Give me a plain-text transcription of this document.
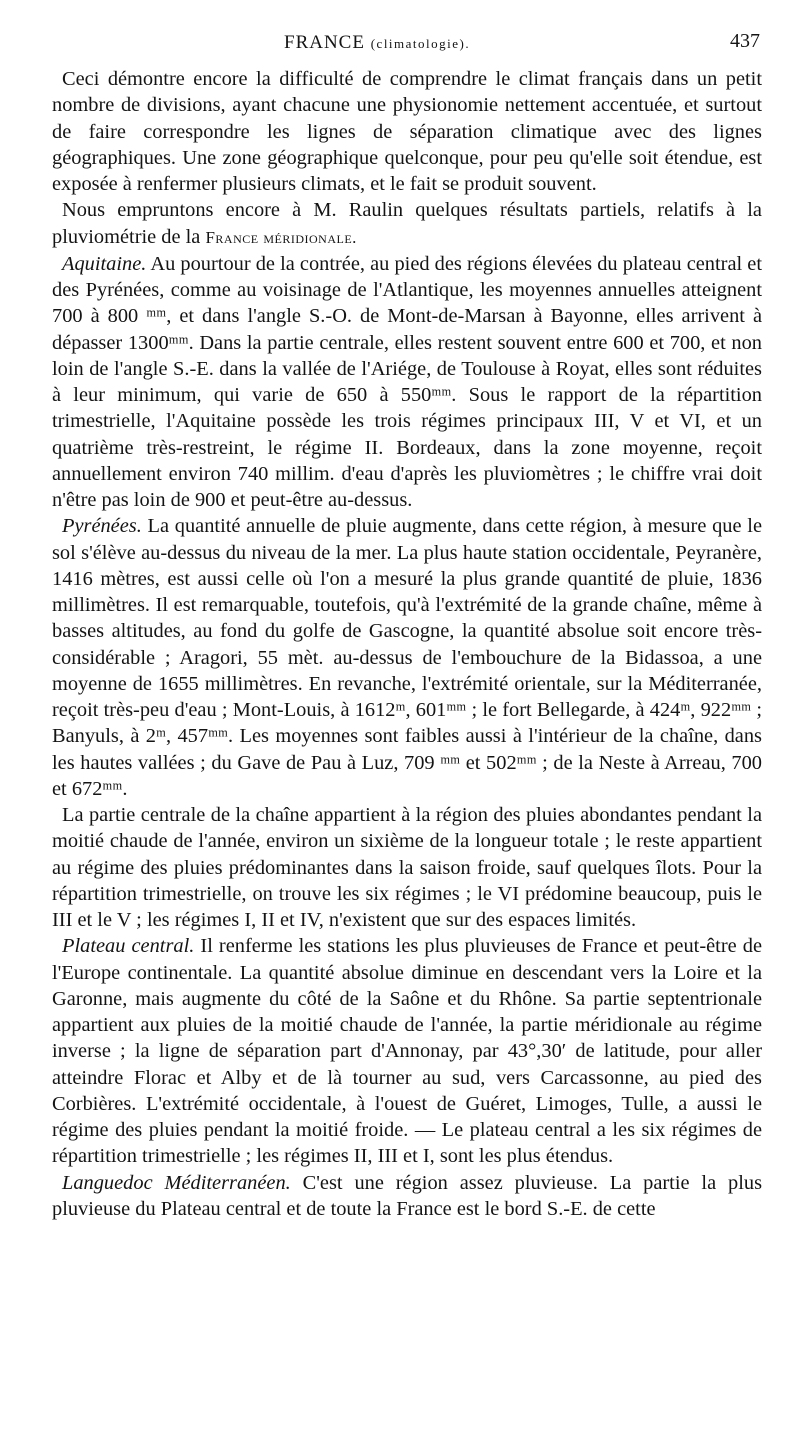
FRANCE (climatologie).	437

Ceci démontre encore la difficulté de comprendre le climat français dans un petit nombre de divisions, ayant chacune une physionomie nettement accentuée, et surtout de faire correspondre les lignes de séparation climatique avec des lignes géographiques. Une zone géographique quelconque, pour peu qu'elle soit étendue, est exposée à renfermer plusieurs climats, et le fait se produit souvent.

Nous empruntons encore à M. Raulin quelques résultats partiels, relatifs à la pluviométrie de la France méridionale.

Aquitaine. Au pourtour de la contrée, au pied des régions élevées du plateau central et des Pyrénées, comme au voisinage de l'Atlantique, les moyennes annuelles atteignent 700 à 800 ᵐᵐ, et dans l'angle S.-O. de Mont-de-Marsan à Bayonne, elles arrivent à dépasser 1300ᵐᵐ. Dans la partie centrale, elles restent souvent entre 600 et 700, et non loin de l'angle S.-E. dans la vallée de l'Ariége, de Toulouse à Royat, elles sont réduites à leur minimum, qui varie de 650 à 550ᵐᵐ. Sous le rapport de la répartition trimestrielle, l'Aquitaine possède les trois régimes principaux III, V et VI, et un quatrième très-restreint, le régime II. Bordeaux, dans la zone moyenne, reçoit annuellement environ 740 millim. d'eau d'après les pluviomètres ; le chiffre vrai doit n'être pas loin de 900 et peut-être au-dessus.

Pyrénées. La quantité annuelle de pluie augmente, dans cette région, à mesure que le sol s'élève au-dessus du niveau de la mer. La plus haute station occidentale, Peyranère, 1416 mètres, est aussi celle où l'on a mesuré la plus grande quantité de pluie, 1836 millimètres. Il est remarquable, toutefois, qu'à l'extrémité de la grande chaîne, même à basses altitudes, au fond du golfe de Gascogne, la quantité absolue soit encore très-considérable ; Aragori, 55 mèt. au-dessus de l'embouchure de la Bidassoa, a une moyenne de 1655 millimètres. En revanche, l'extrémité orientale, sur la Méditerranée, reçoit très-peu d'eau ; Mont-Louis, à 1612ᵐ, 601ᵐᵐ ; le fort Bellegarde, à 424ᵐ, 922ᵐᵐ ; Banyuls, à 2ᵐ, 457ᵐᵐ. Les moyennes sont faibles aussi à l'intérieur de la chaîne, dans les hautes vallées ; du Gave de Pau à Luz, 709 ᵐᵐ et 502ᵐᵐ ; de la Neste à Arreau, 700 et 672ᵐᵐ.

La partie centrale de la chaîne appartient à la région des pluies abondantes pendant la moitié chaude de l'année, environ un sixième de la longueur totale ; le reste appartient au régime des pluies prédominantes dans la saison froide, sauf quelques îlots. Pour la répartition trimestrielle, on trouve les six régimes ; le VI prédomine beaucoup, puis le III et le V ; les régimes I, II et IV, n'existent que sur des espaces limités.

Plateau central. Il renferme les stations les plus pluvieuses de France et peut-être de l'Europe continentale. La quantité absolue diminue en descendant vers la Loire et la Garonne, mais augmente du côté de la Saône et du Rhône. Sa partie septentrionale appartient aux pluies de la moitié chaude de l'année, la partie méridionale au régime inverse ; la ligne de séparation part d'Annonay, par 43°,30′ de latitude, pour aller atteindre Florac et Alby et de là tourner au sud, vers Carcassonne, au pied des Corbières. L'extrémité occidentale, à l'ouest de Guéret, Limoges, Tulle, a aussi le régime des pluies pendant la moitié froide. — Le plateau central a les six régimes de répartition trimestrielle ; les régimes II, III et I, sont les plus étendus.

Languedoc Méditerranéen. C'est une région assez pluvieuse. La partie la plus pluvieuse du Plateau central et de toute la France est le bord S.-E. de cette
